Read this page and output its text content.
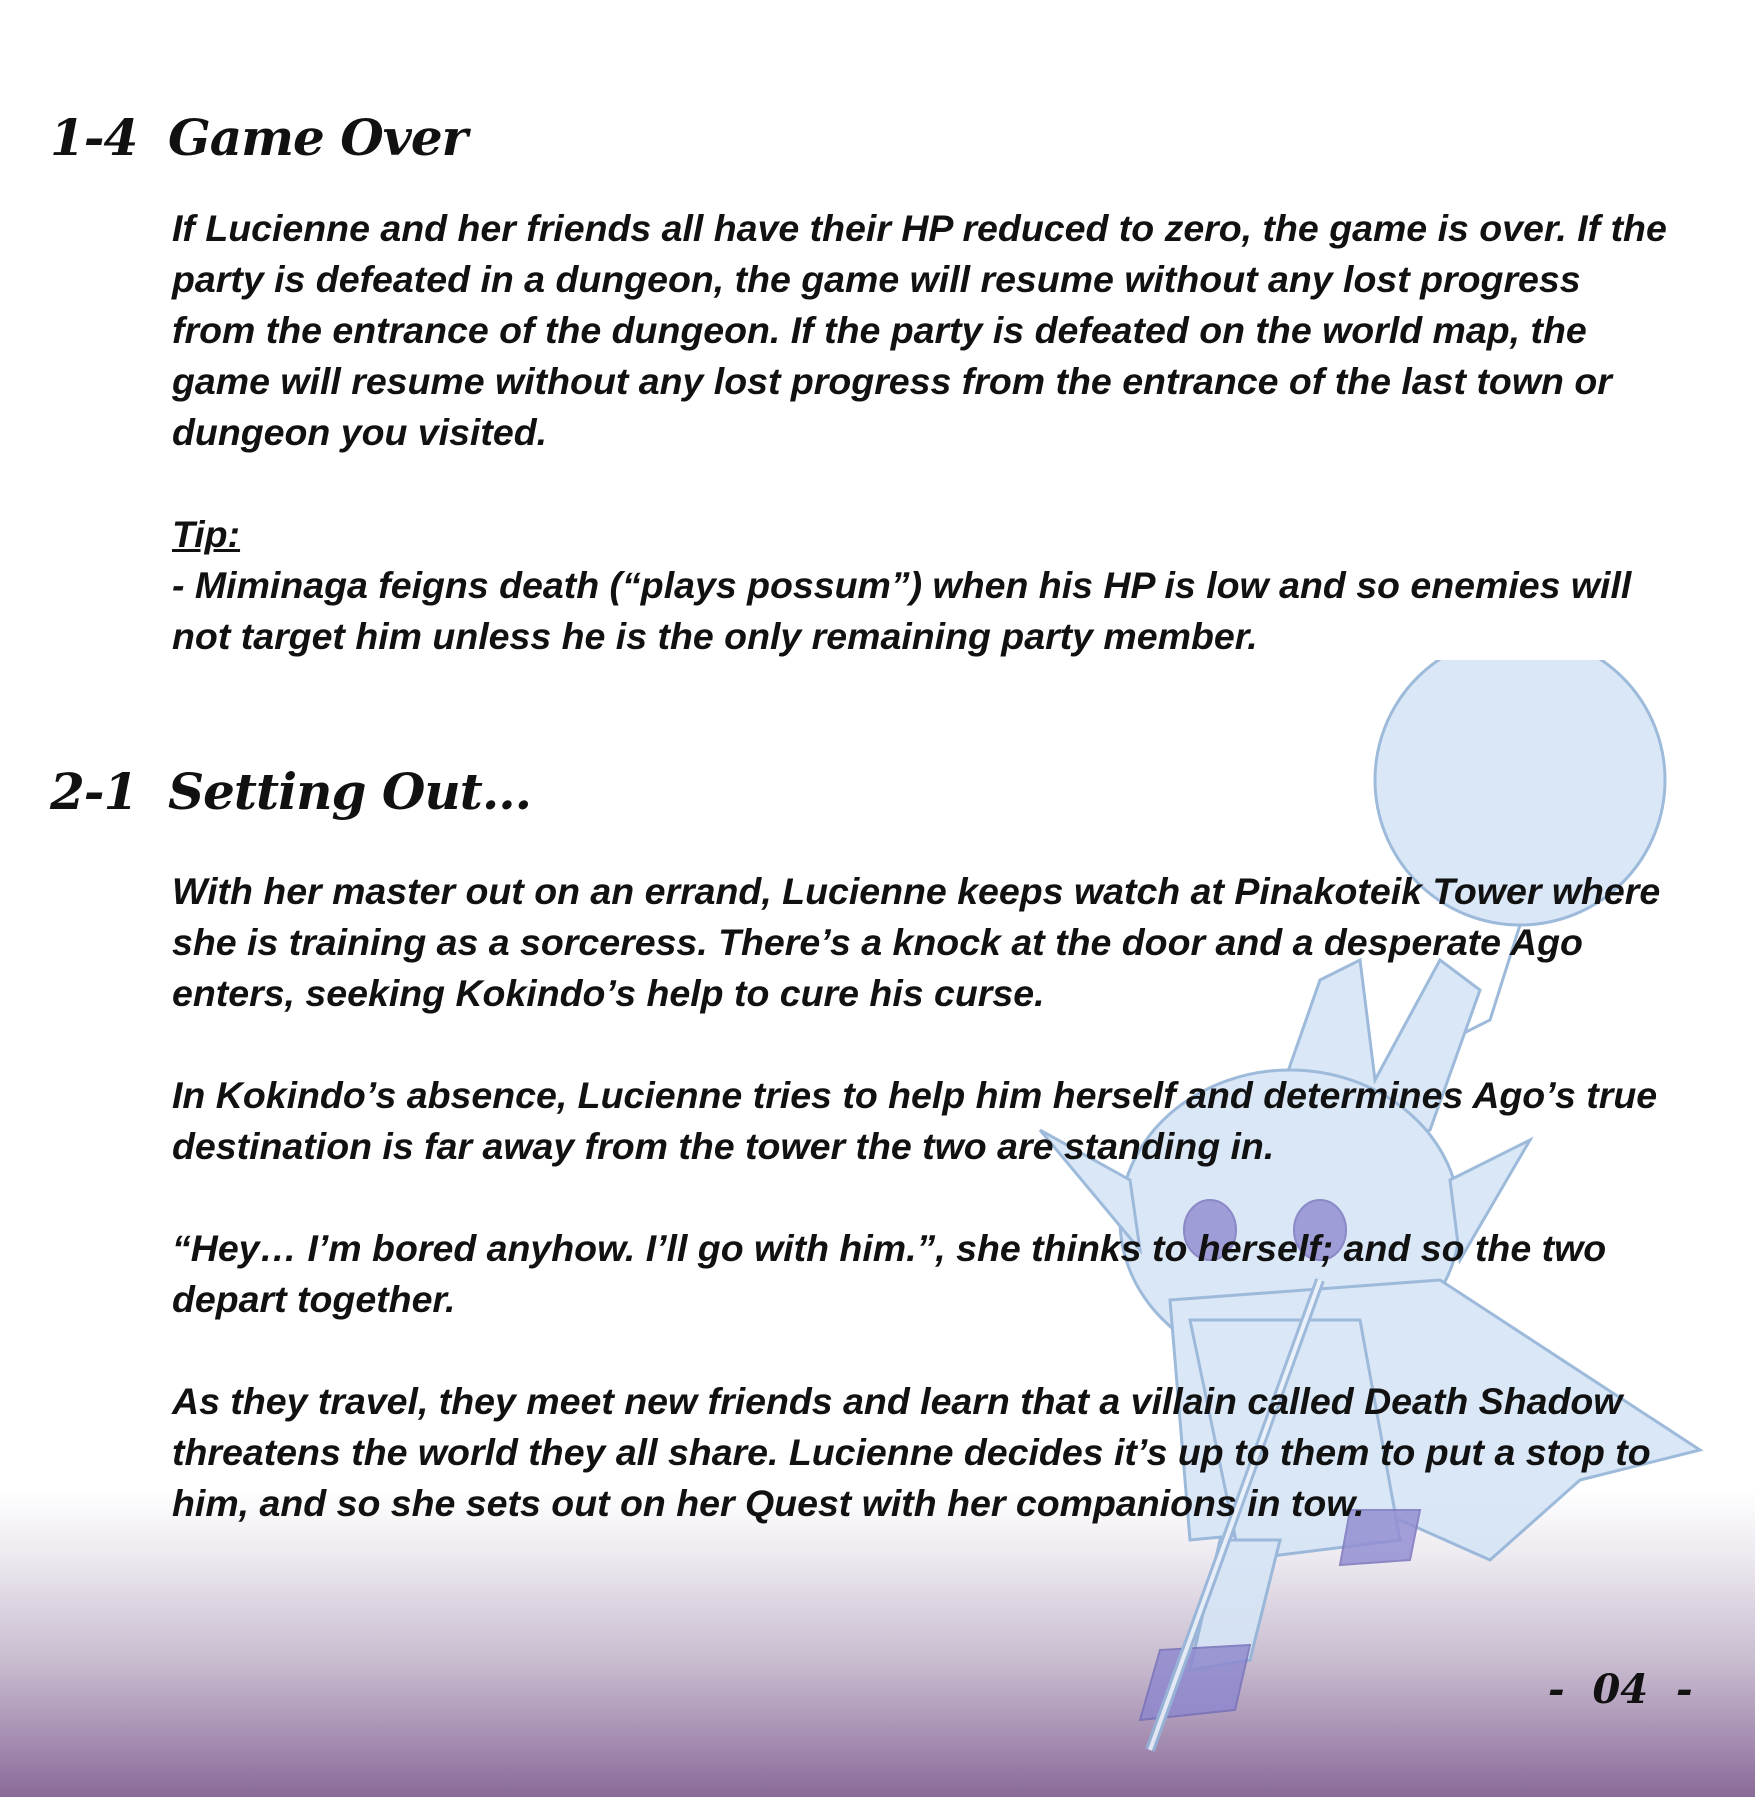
1-4 Game Over

If Lucienne and her friends all have their HP reduced to zero, the game is over. If the party is defeated in a dungeon, the game will resume without any lost progress from the entrance of the dungeon. If the party is defeated on the world map, the game will resume without any lost progress from the entrance of the last town or dungeon you visited.

Tip:

- Miminaga feigns death (“plays possum”) when his HP is low and so enemies will not target him unless he is the only remaining party member.

2-1 Setting Out...

With her master out on an errand, Lucienne keeps watch at Pinakoteik Tower where she is training as a sorceress. There’s a knock at the door and a desperate Ago enters, seeking Kokindo’s help to cure his curse.

In Kokindo’s absence, Lucienne tries to help him herself and determines Ago’s true destination is far away from the tower the two are standing in.

“Hey… I’m bored anyhow. I’ll go with him.”, she thinks to herself; and so the two depart together.

As they travel, they meet new friends and learn that a villain called Death Shadow threatens the world they all share. Lucienne decides it’s up to them to put a stop to him, and so she sets out on her Quest with her companions in tow.

-  04  -
